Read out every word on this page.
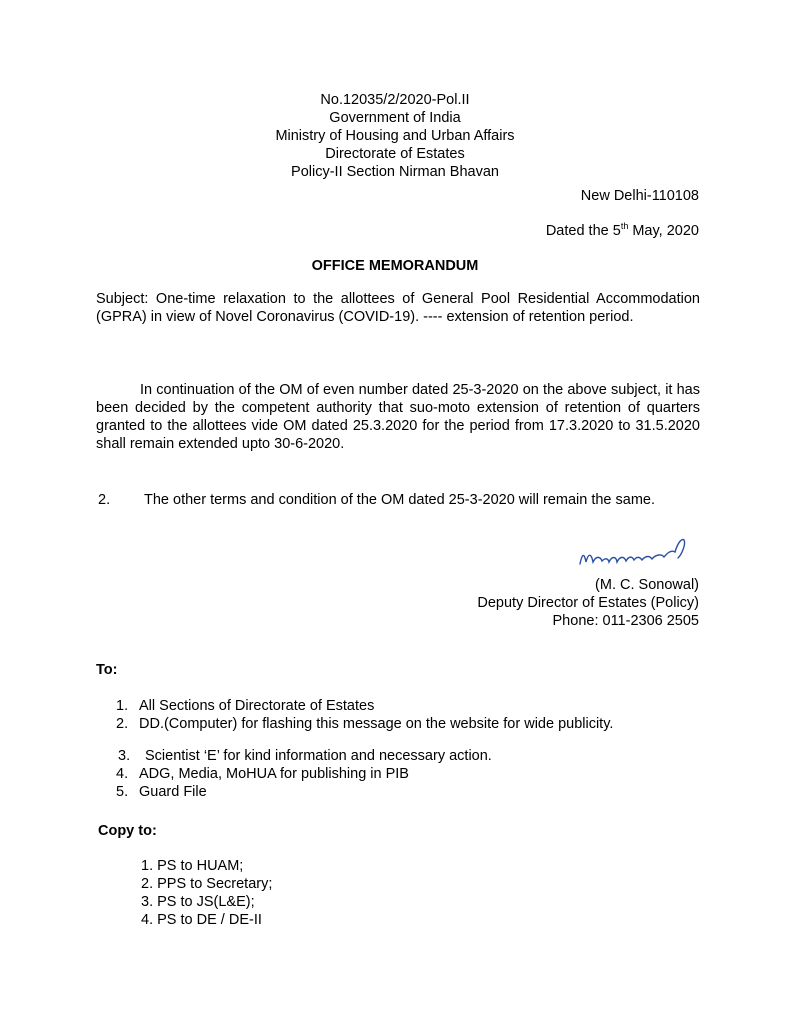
No.12035/2/2020-Pol.II
Government of India
Ministry of Housing and Urban Affairs
Directorate of Estates
Policy-II Section Nirman Bhavan
New Delhi-110108
Dated the 5th May, 2020
OFFICE MEMORANDUM
Subject: One-time relaxation to the allottees of General Pool Residential Accommodation (GPRA) in view of Novel Coronavirus (COVID-19). ---- extension of retention period.
In continuation of the OM of even number dated 25-3-2020 on the above subject, it has been decided by the competent authority that suo-moto extension of retention of quarters granted to the allottees vide OM dated 25.3.2020 for the period from 17.3.2020 to 31.5.2020 shall remain extended upto 30-6-2020.
2. The other terms and condition of the OM dated 25-3-2020 will remain the same.
(M. C. Sonowal)
Deputy Director of Estates (Policy)
Phone: 011-2306 2505
To:
1. All Sections of Directorate of Estates
2. DD.(Computer) for flashing this message on the website for wide publicity.
3. Scientist ‘E’ for kind information and necessary action.
4. ADG, Media, MoHUA for publishing in PIB
5. Guard File
Copy to:
1. PS to HUAM;
2. PPS to Secretary;
3. PS to JS(L&E);
4. PS to DE / DE-II
